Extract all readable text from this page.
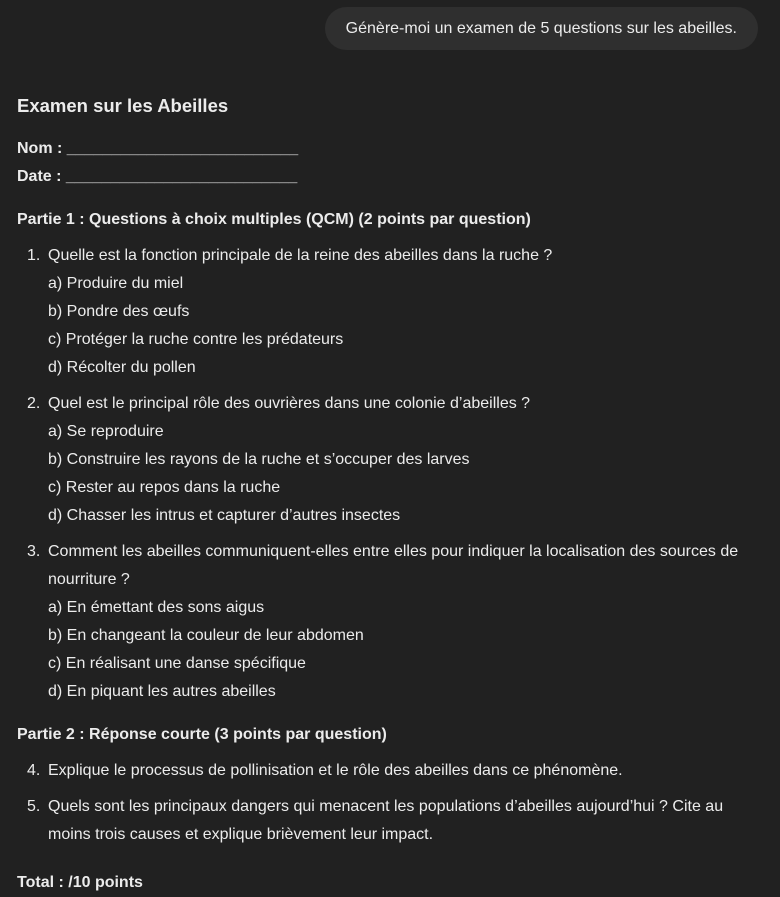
Génère-moi un examen de 5 questions sur les abeilles.
Examen sur les Abeilles

Nom : __________________________

Date : __________________________

Partie 1 : Questions à choix multiples (QCM) (2 points par question)

1. Quelle est la fonction principale de la reine des abeilles dans la ruche ?
a) Produire du miel
b) Pondre des œufs
c) Protéger la ruche contre les prédateurs
d) Récolter du pollen
2. Quel est le principal rôle des ouvrières dans une colonie d’abeilles ?
a) Se reproduire
b) Construire les rayons de la ruche et s’occuper des larves
c) Rester au repos dans la ruche
d) Chasser les intrus et capturer d’autres insectes
3. Comment les abeilles communiquent-elles entre elles pour indiquer la localisation des sources de nourriture ?
a) En émettant des sons aigus
b) En changeant la couleur de leur abdomen
c) En réalisant une danse spécifique
d) En piquant les autres abeilles

Partie 2 : Réponse courte (3 points par question)

4. Explique le processus de pollinisation et le rôle des abeilles dans ce phénomène.
5. Quels sont les principaux dangers qui menacent les populations d’abeilles aujourd’hui ? Cite au moins trois causes et explique brièvement leur impact.

Total : /10 points
